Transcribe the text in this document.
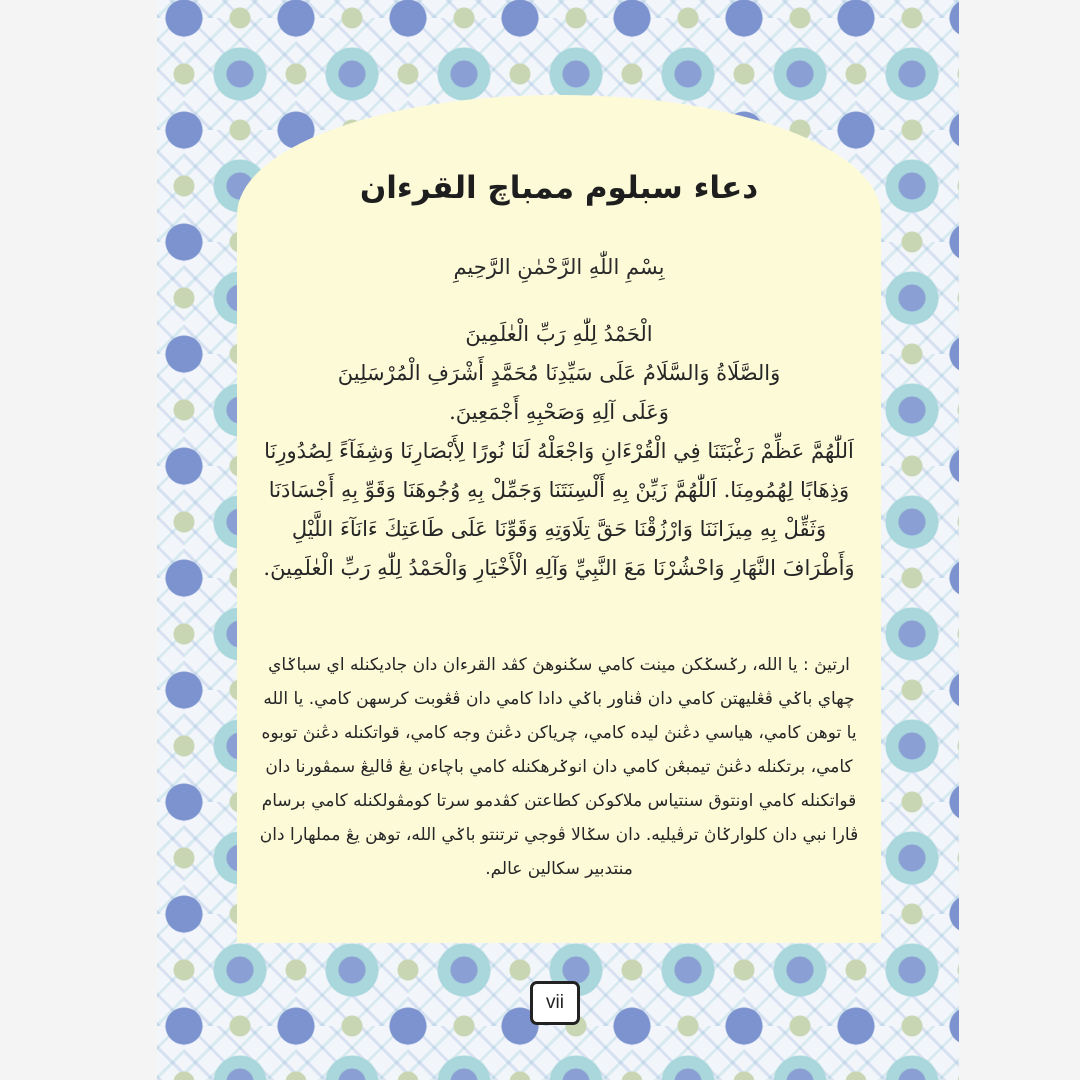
دعاء سبلوم ممباچ القرءان
بِسْمِ اللّٰهِ الرَّحْمٰنِ الرَّحِيمِ
الْحَمْدُ لِلّٰهِ رَبِّ الْعٰلَمِينَ
وَالصَّلَاةُ وَالسَّلَامُ عَلَى سَيِّدِنَا مُحَمَّدٍ أَشْرَفِ الْمُرْسَلِينَ
وَعَلَى آلِهِ وَصَحْبِهِ أَجْمَعِينَ.
اَللّٰهُمَّ عَظِّمْ رَغْبَتَنَا فِي الْقُرْءَانِ وَاجْعَلْهُ لَنَا نُورًا لِأَبْصَارِنَا وَشِفَآءً لِصُدُورِنَا
وَذِهَابًا لِهُمُومِنَا. اَللّٰهُمَّ زَيِّنْ بِهِ أَلْسِنَتَنَا وَجَمِّلْ بِهِ وُجُوهَنَا وَقَوِّ بِهِ أَجْسَادَنَا
وَثَقِّلْ بِهِ مِيزَانَنَا وَارْزُقْنَا حَقَّ تِلَاوَتِهِ وَقَوِّنَا عَلَى طَاعَتِكَ ءَانَآءَ اللَّيْلِ
وَأَطْرَافَ النَّهَارِ وَاحْشُرْنَا مَعَ النَّبِيِّ وَآلِهِ الْأَخْيَارِ وَالْحَمْدُ لِلّٰهِ رَبِّ الْعٰلَمِينَ.
ارتيڽ : يا الله، رݢسݢكن مينت كامي سݢنوهڽ كڤد القرءان دان جاديكنله اي سباݢاي
چهاي باݢي ڤڠليهتن كامي دان ڤناور باݢي دادا كامي دان ڤڠوبت كرسهن كامي. يا الله
يا توهن كامي، هياسي دڠنڽ ليده كامي، چرياكن دڠنڽ وجه كامي، قواتكنله دڠنڽ توبوه
كامي، برتكنله دڠنڽ تيمبڠن كامي دان انوݢرهكنله كامي باچاءن يڠ ڤاليڠ سمڤورنا دان
قواتكنله كامي اونتوق سنتياس ملاكوكن كطاعتن كڤدمو سرتا كومڤولكنله كامي برسام
ڤارا نبي دان كلوارݢاڽ ترڤيليه. دان سݢالا ڤوجي ترتنتو باݢي الله، توهن يڠ مملهارا دان
منتدبير سكالين عالم.
vii
